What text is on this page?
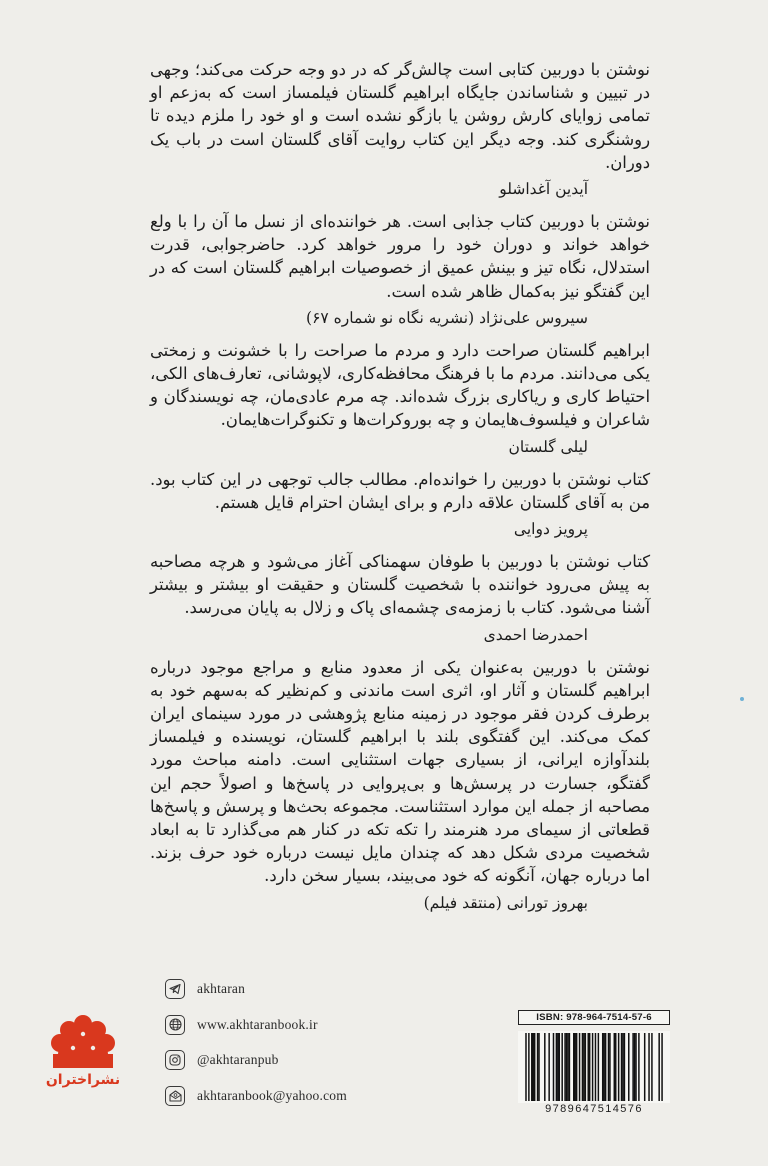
نوشتن با دوربین کتابی است چالش‌گر که در دو وجه حرکت می‌کند؛ وجهی در تبیین و شناساندن جایگاه ابراهیم گلستان فیلمساز است که به‌زعم او تمامی زوایای کارش روشن یا بازگو نشده است و او خود را ملزم دیده تا روشنگری کند. وجه دیگر این کتاب روایت آقای گلستان است در باب یک دوران.

آیدین آغداشلو

نوشتن با دوربین کتاب جذابی است. هر خواننده‌ای از نسل ما آن را با ولع خواهد خواند و دوران خود را مرور خواهد کرد. حاضرجوابی، قدرت استدلال، نگاه تیز و بینش عمیق از خصوصیات ابراهیم گلستان است که در این گفتگو نیز به‌کمال ظاهر شده است.

سیروس علی‌نژاد (نشریه نگاه نو شماره ۶۷)

ابراهیم گلستان صراحت دارد و مردم ما صراحت را با خشونت و زمختی یکی می‌دانند. مردم ما با فرهنگ محافظه‌کاری، لاپوشانی، تعارف‌های الکی، احتیاط کاری و ریاکاری بزرگ شده‌اند. چه مرم عادی‌مان، چه نویسندگان و شاعران و فیلسوف‌هایمان و چه بوروکرات‌ها و تکنوگرات‌هایمان.

لیلی گلستان

کتاب نوشتن با دوربین را خوانده‌ام. مطالب جالب توجهی در این کتاب بود. من به آقای گلستان علاقه دارم و برای ایشان احترام قایل هستم.

پرویز دوایی

کتاب نوشتن با دوربین با طوفان سهمناکی آغاز می‌شود و هرچه مصاحبه به پیش می‌رود خواننده با شخصیت گلستان و حقیقت او بیشتر و بیشتر آشنا می‌شود. کتاب با زمزمه‌ی چشمه‌ای پاک و زلال به پایان می‌رسد.

احمدرضا احمدی

نوشتن با دوربین به‌عنوان یکی از معدود منابع و مراجع موجود درباره ابراهیم گلستان و آثار او، اثری است ماندنی و کم‌نظیر که به‌سهم خود به برطرف کردن فقر موجود در زمینه منابع پژوهشی در مورد سینمای ایران کمک می‌کند. این گفتگوی بلند با ابراهیم گلستان، نویسنده و فیلمساز بلندآوازه ایرانی، از بسیاری جهات استثنایی است. دامنه مباحث مورد گفتگو، جسارت در پرسش‌ها و بی‌پروایی در پاسخ‌ها و اصولاً حجم این مصاحبه از جمله این موارد استثناست. مجموعه بحث‌ها و پرسش و پاسخ‌ها قطعاتی از سیمای مرد هنرمند را تکه تکه در کنار هم می‌گذارد تا به ابعاد شخصیت مردی شکل دهد که چندان مایل نیست درباره خود حرف بزند. اما درباره جهان، آنگونه که خود می‌بیند، بسیار سخن دارد.

بهروز تورانی (منتقد فیلم)
نشراختران
akhtaran
www.akhtaranbook.ir
@akhtaranpub
akhtaranbook@yahoo.com
ISBN: 978-964-7514-57-6
9789647514576
